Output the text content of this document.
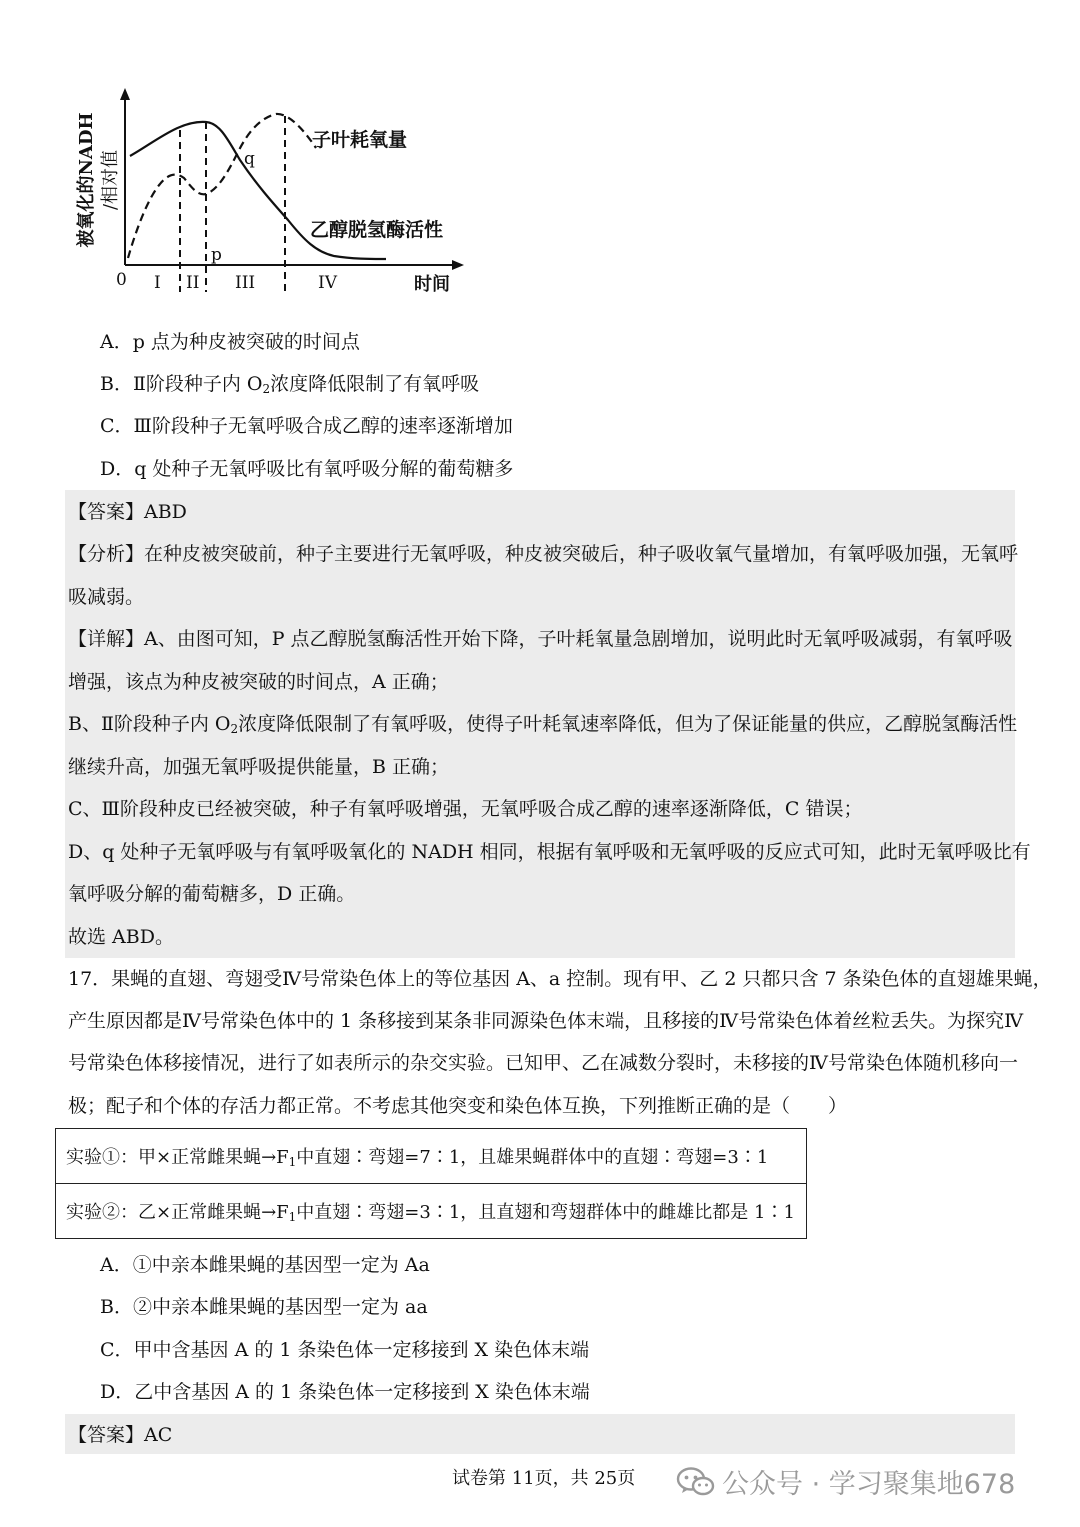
被氧化的NADH /相对值
0	时间
I II III	IV
子叶耗氧量
乙醇脱氢酶活性
p
q
A．p 点为种皮被突破的时间点
B．Ⅱ阶段种子内 $O_2$浓度降低限制了有氧呼吸
C．Ⅲ阶段种子无氧呼吸合成乙醇的速率逐渐增加
D．q 处种子无氧呼吸比有氧呼吸分解的葡萄糖多
【答案】ABD
【分析】在种皮被突破前，种子主要进行无氧呼吸，种皮被突破后，种子吸收氧气量增加，有氧呼吸加强，无氧呼
吸减弱。
【详解】A、由图可知，P 点乙醇脱氢酶活性开始下降，子叶耗氧量急剧增加，说明此时无氧呼吸减弱，有氧呼吸
增强，该点为种皮被突破的时间点，A 正确；
B、Ⅱ阶段种子内 $O_2$浓度降低限制了有氧呼吸，使得子叶耗氧速率降低，但为了保证能量的供应，乙醇脱氢酶活性
继续升高，加强无氧呼吸提供能量，B 正确；
C、Ⅲ阶段种皮已经被突破，种子有氧呼吸增强，无氧呼吸合成乙醇的速率逐渐降低，C 错误；
D、q 处种子无氧呼吸与有氧呼吸氧化的 NADH 相同，根据有氧呼吸和无氧呼吸的反应式可知，此时无氧呼吸比有
氧呼吸分解的葡萄糖多，D 正确。
故选 ABD。
17．果蝇的直翅、弯翅受Ⅳ号常染色体上的等位基因 A、a 控制。现有甲、乙 2 只都只含 7 条染色体的直翅雄果蝇，
产生原因都是Ⅳ号常染色体中的 1 条移接到某条非同源染色体末端，且移接的Ⅳ号常染色体着丝粒丢失。为探究Ⅳ
号常染色体移接情况，进行了如表所示的杂交实验。已知甲、乙在减数分裂时，未移接的Ⅳ号常染色体随机移向一
极；配子和个体的存活力都正常。不考虑其他突变和染色体互换，下列推断正确的是（　　）
实验①：甲×正常雌果蝇$\to F_1$中直翅∶弯翅=7∶1，且雄果蝇群体中的直翅∶弯翅=3∶1
实验②：乙×正常雌果蝇$\to F_1$中直翅∶弯翅=3∶1，且直翅和弯翅群体中的雌雄比都是 1∶1
A．①中亲本雌果蝇的基因型一定为 Aa
B．②中亲本雌果蝇的基因型一定为 aa
C．甲中含基因 A 的 1 条染色体一定移接到 X 染色体末端
D．乙中含基因 A 的 1 条染色体一定移接到 X 染色体末端
【答案】AC
试卷第 11页，共 25页	公众号 · 学习聚集地678
